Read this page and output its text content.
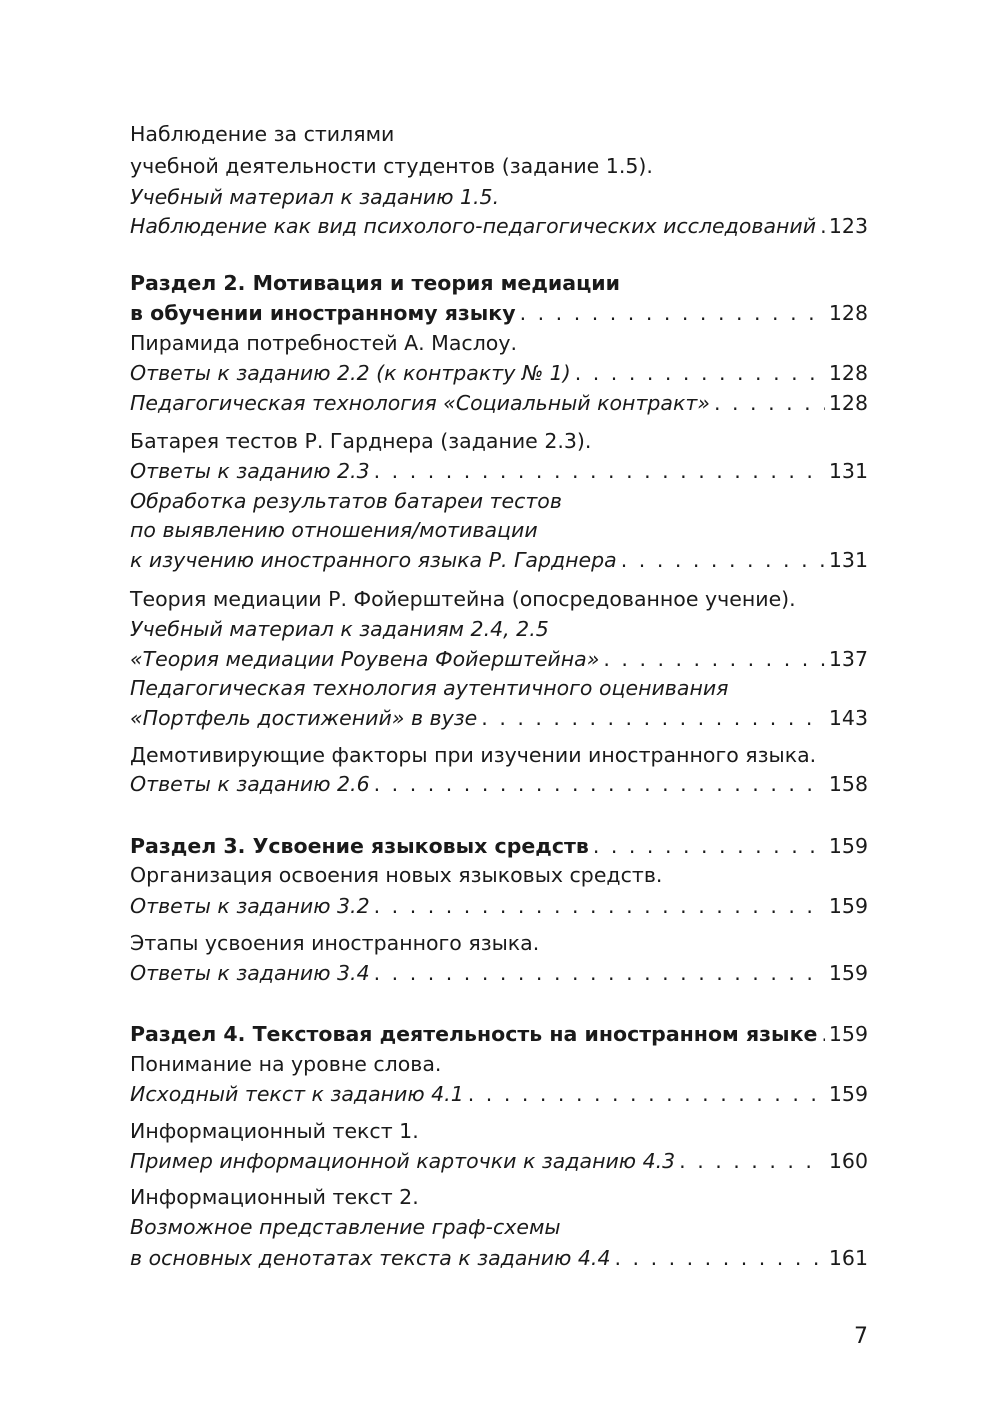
Наблюдение за стилями
учебной деятельности студентов (задание 1.5).
Учебный материал к заданию 1.5.
Наблюдение как вид психолого-педагогических исследований . . . 123
Раздел 2. Мотивация и теория медиации
в обучении иностранному языку . . .	128
Пирамида потребностей А. Маслоу.
Ответы к заданию 2.2 (к контракту № 1) . . .	128
Педагогическая технология «Социальный контракт» . . .	128
Батарея тестов Р. Гарднера (задание 2.3).
Ответы к заданию 2.3 . . .	131
Обработка результатов батареи тестов
по выявлению отношения/мотивации
к изучению иностранного языка Р. Гарднера . . .	131
Теория медиации Р. Фойерштейна (опосредованное учение).
Учебный материал к заданиям 2.4, 2.5
«Теория медиации Роувена Фойерштейна» . . .	137
Педагогическая технология аутентичного оценивания
«Портфель достижений» в вузе . . .	143
Демотивирующие факторы при изучении иностранного языка.
Ответы к заданию 2.6 . . .	158
Раздел 3. Усвоение языковых средств . . .	159
Организация освоения новых языковых средств.
Ответы к заданию 3.2 . . .	159
Этапы усвоения иностранного языка.
Ответы к заданию 3.4 . . .	159
Раздел 4. Текстовая деятельность на иностранном языке . . . 159
Понимание на уровне слова.
Исходный текст к заданию 4.1 . . .	159
Информационный текст 1.
Пример информационной карточки к заданию 4.3 . . .	160
Информационный текст 2.
Возможное представление граф-схемы
в основных денотатах текста к заданию 4.4 . . .	161
7
